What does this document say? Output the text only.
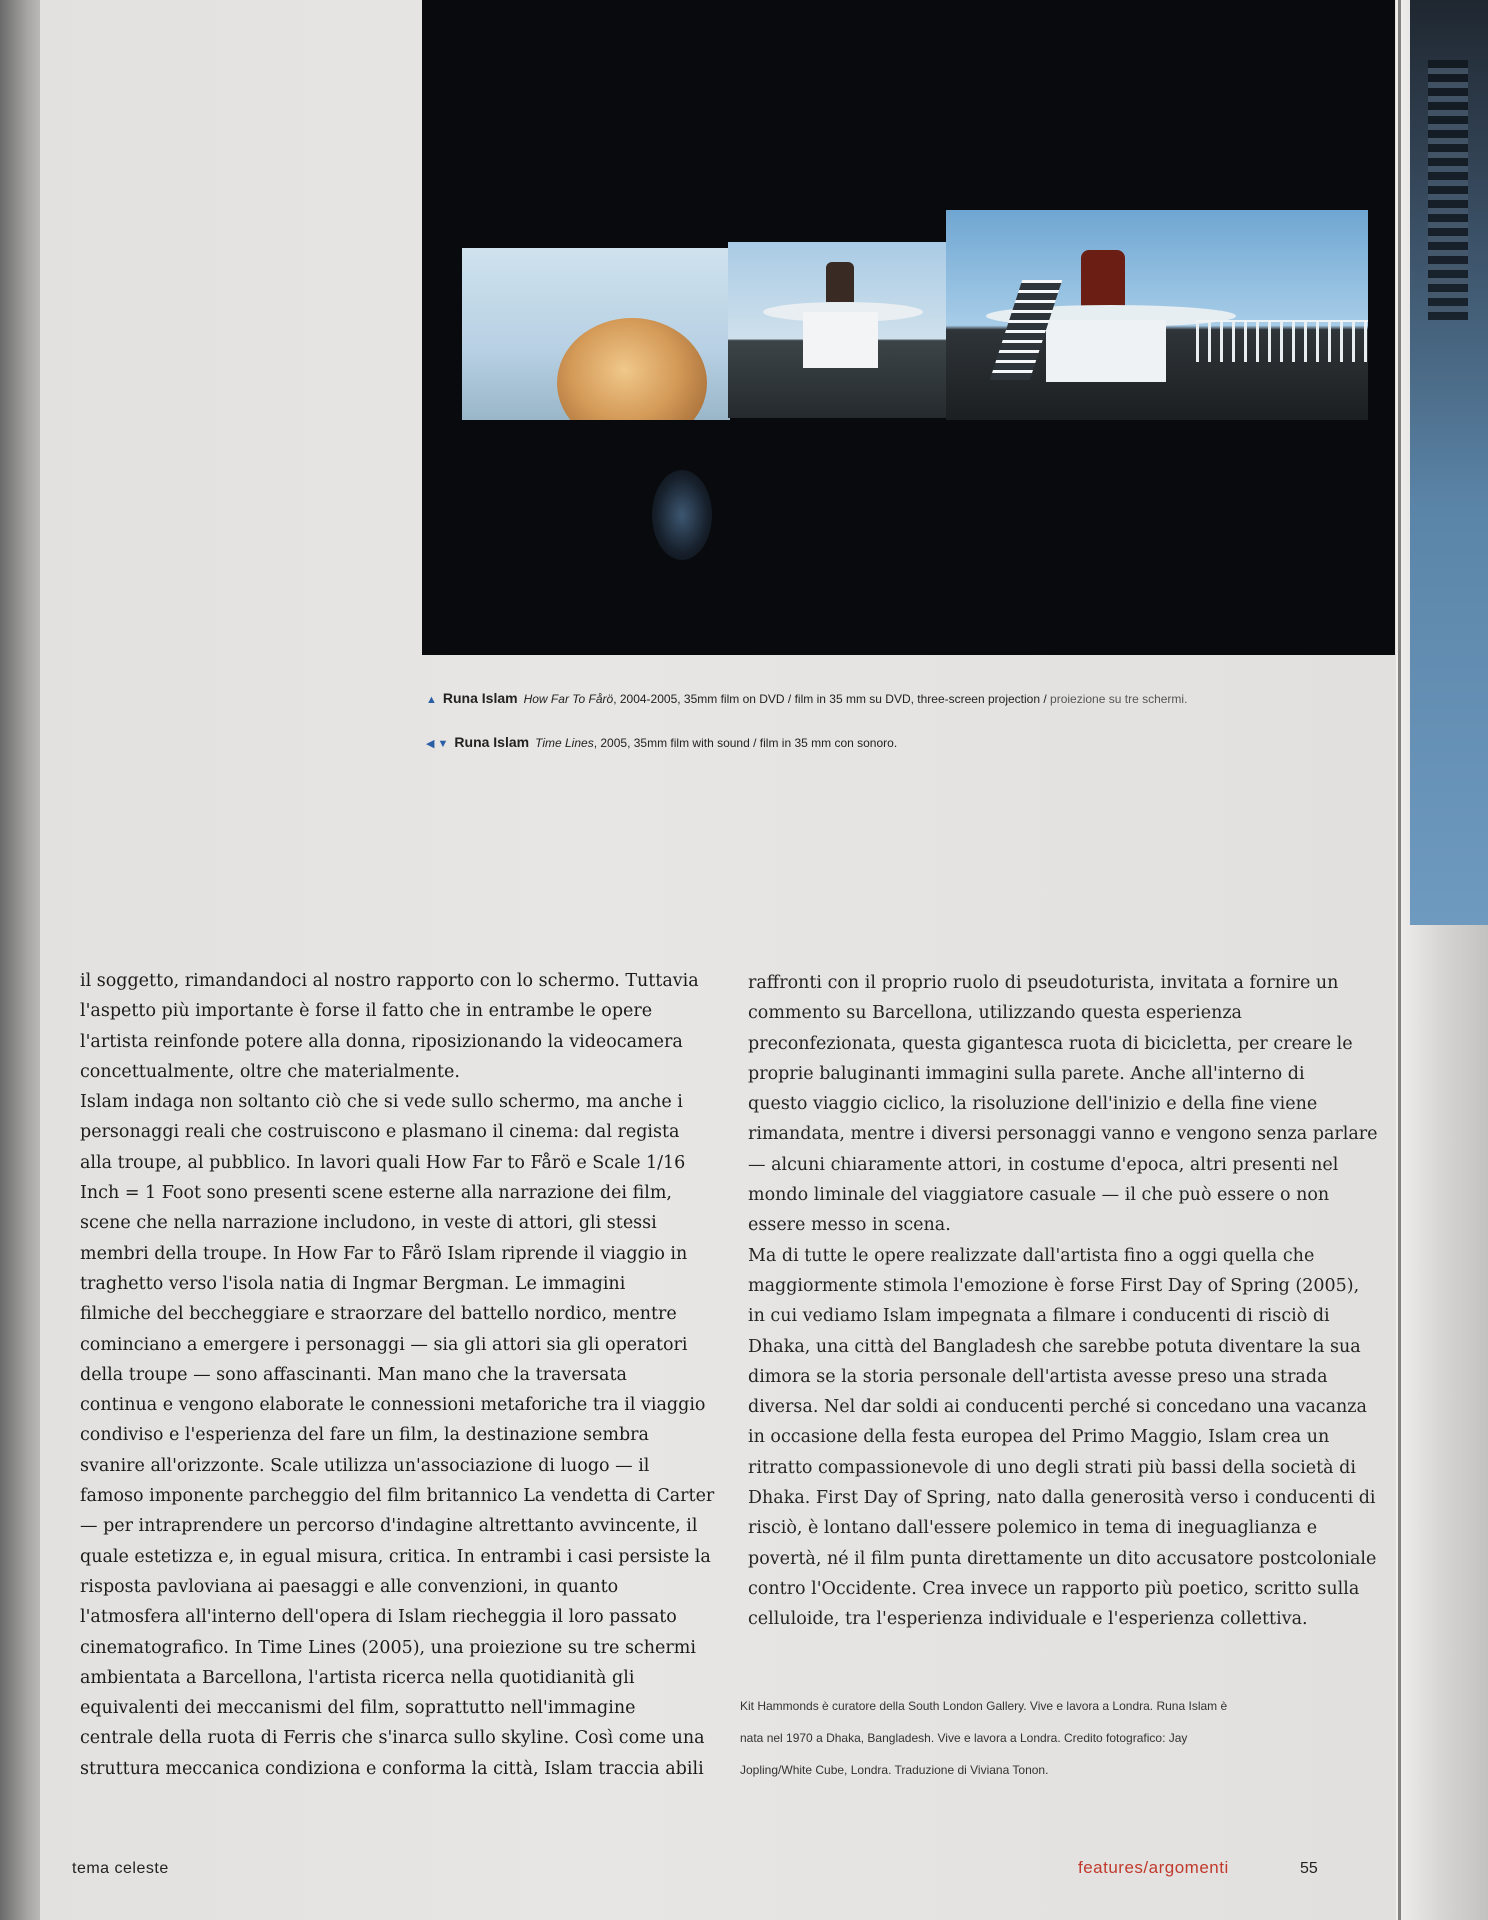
▲ Runa Islam How Far To Fårö, 2004-2005, 35mm film on DVD / film in 35 mm su DVD, three-screen projection / proiezione su tre schermi.
◀ ▼ Runa Islam Time Lines, 2005, 35mm film with sound / film in 35 mm con sonoro.
il soggetto, rimandandoci al nostro rapporto con lo schermo. Tuttavia
l'aspetto più importante è forse il fatto che in entrambe le opere
l'artista reinfonde potere alla donna, riposizionando la videocamera
concettualmente, oltre che materialmente.
Islam indaga non soltanto ciò che si vede sullo schermo, ma anche i
personaggi reali che costruiscono e plasmano il cinema: dal regista
alla troupe, al pubblico. In lavori quali How Far to Fårö e Scale 1/16
Inch = 1 Foot sono presenti scene esterne alla narrazione dei film,
scene che nella narrazione includono, in veste di attori, gli stessi
membri della troupe. In How Far to Fårö Islam riprende il viaggio in
traghetto verso l'isola natia di Ingmar Bergman. Le immagini
filmiche del beccheggiare e straorzare del battello nordico, mentre
cominciano a emergere i personaggi — sia gli attori sia gli operatori
della troupe — sono affascinanti. Man mano che la traversata
continua e vengono elaborate le connessioni metaforiche tra il viaggio
condiviso e l'esperienza del fare un film, la destinazione sembra
svanire all'orizzonte. Scale utilizza un'associazione di luogo — il
famoso imponente parcheggio del film britannico La vendetta di Carter
— per intraprendere un percorso d'indagine altrettanto avvincente, il
quale estetizza e, in egual misura, critica. In entrambi i casi persiste la
risposta pavloviana ai paesaggi e alle convenzioni, in quanto
l'atmosfera all'interno dell'opera di Islam riecheggia il loro passato
cinematografico. In Time Lines (2005), una proiezione su tre schermi
ambientata a Barcellona, l'artista ricerca nella quotidianità gli
equivalenti dei meccanismi del film, soprattutto nell'immagine
centrale della ruota di Ferris che s'inarca sullo skyline. Così come una
struttura meccanica condiziona e conforma la città, Islam traccia abili
raffronti con il proprio ruolo di pseudoturista, invitata a fornire un
commento su Barcellona, utilizzando questa esperienza
preconfezionata, questa gigantesca ruota di bicicletta, per creare le
proprie baluginanti immagini sulla parete. Anche all'interno di
questo viaggio ciclico, la risoluzione dell'inizio e della fine viene
rimandata, mentre i diversi personaggi vanno e vengono senza parlare
— alcuni chiaramente attori, in costume d'epoca, altri presenti nel
mondo liminale del viaggiatore casuale — il che può essere o non
essere messo in scena.
Ma di tutte le opere realizzate dall'artista fino a oggi quella che
maggiormente stimola l'emozione è forse First Day of Spring (2005),
in cui vediamo Islam impegnata a filmare i conducenti di risciò di
Dhaka, una città del Bangladesh che sarebbe potuta diventare la sua
dimora se la storia personale dell'artista avesse preso una strada
diversa. Nel dar soldi ai conducenti perché si concedano una vacanza
in occasione della festa europea del Primo Maggio, Islam crea un
ritratto compassionevole di uno degli strati più bassi della società di
Dhaka. First Day of Spring, nato dalla generosità verso i conducenti di
risciò, è lontano dall'essere polemico in tema di ineguaglianza e
povertà, né il film punta direttamente un dito accusatore postcoloniale
contro l'Occidente. Crea invece un rapporto più poetico, scritto sulla
celluloide, tra l'esperienza individuale e l'esperienza collettiva.
Kit Hammonds è curatore della South London Gallery. Vive e lavora a Londra. Runa Islam è
nata nel 1970 a Dhaka, Bangladesh. Vive e lavora a Londra. Credito fotografico: Jay
Jopling/White Cube, Londra. Traduzione di Viviana Tonon.
tema celeste	features/argomenti	55
